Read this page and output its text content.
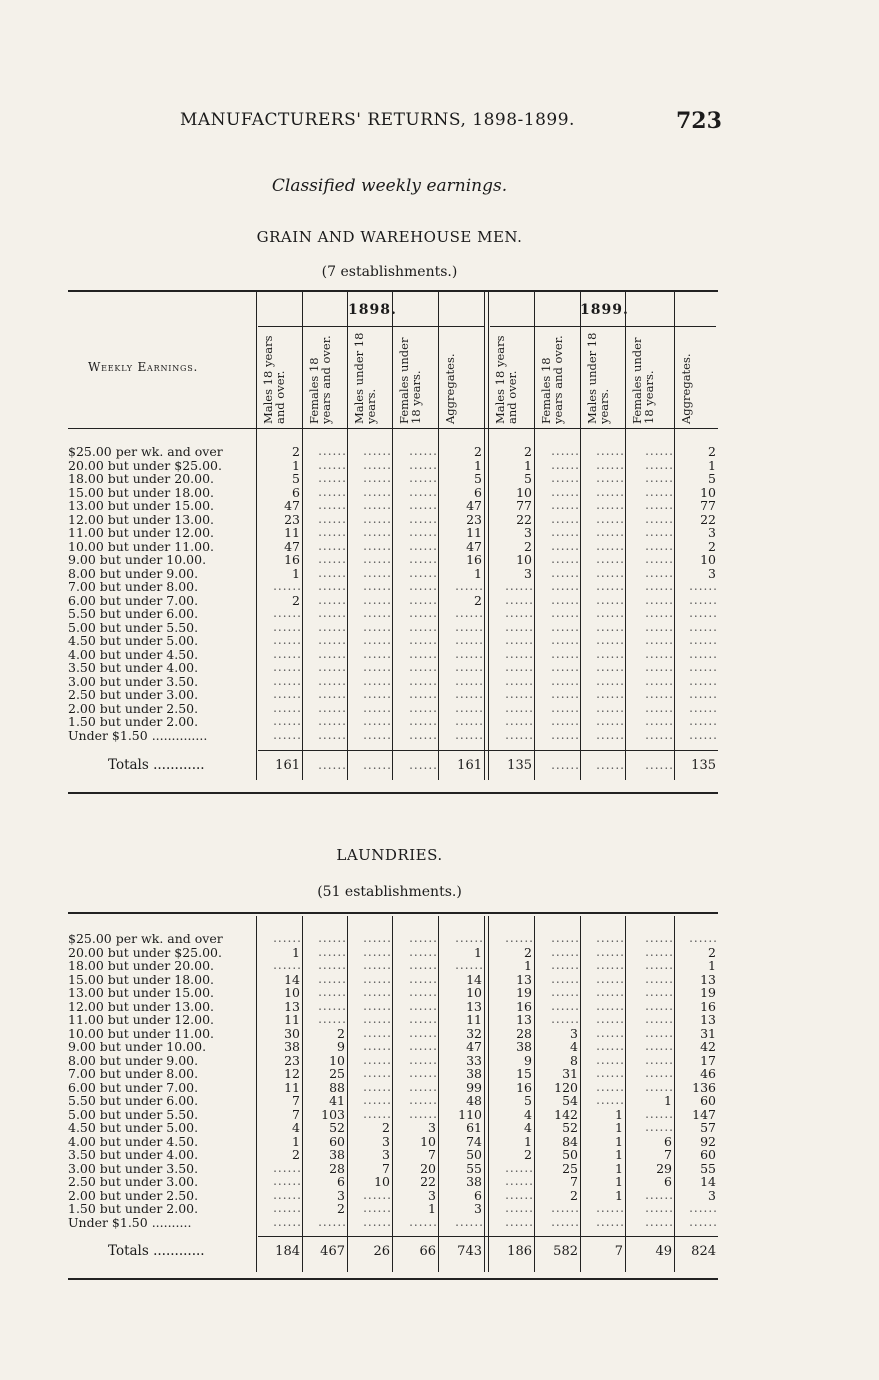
MANUFACTURERS' RETURNS, 1898-1899.	723
Classified weekly earnings.
GRAIN AND WAREHOUSE MEN.
(7 establishments.)
Weekly Earnings.
1898.	1899.
LAUNDRIES.
(51 establishments.)
Males 18 years and over.	Females 18 years and over.	Males under 18 years.	Females under 18 years.	Aggregates.	Males 18 years and over.	Females 18 years and over.	Males under 18 years.	Females under 18 years.	Aggregates.
$25.00 per wk. and over	2	......	......	......	2	2	......	......	......	2
20.00 but under $25.00.	1	......	......	......	1	1	......	......	......	1
18.00 but under 20.00.	5	......	......	......	5	5	......	......	......	5
15.00 but under 18.00.	6	......	......	......	6	10	......	......	......	10
13.00 but under 15.00.	47	......	......	......	47	77	......	......	......	77
12.00 but under 13.00.	23	......	......	......	23	22	......	......	......	22
11.00 but under 12.00.	11	......	......	......	11	3	......	......	......	3
10.00 but under 11.00.	47	......	......	......	47	2	......	......	......	2
9.00 but under 10.00.	16	......	......	......	16	10	......	......	......	10
8.00 but under 9.00.	1	......	......	......	1	3	......	......	......	3
7.00 but under 8.00.	......	......	......	......	......	......	......	......	......	......
6.00 but under 7.00.	2	......	......	......	2	......	......	......	......	......
5.50 but under 6.00.	......	......	......	......	......	......	......	......	......	......
5.00 but under 5.50.	......	......	......	......	......	......	......	......	......	......
4.50 but under 5.00.	......	......	......	......	......	......	......	......	......	......
4.00 but under 4.50.	......	......	......	......	......	......	......	......	......	......
3.50 but under 4.00.	......	......	......	......	......	......	......	......	......	......
3.00 but under 3.50.	......	......	......	......	......	......	......	......	......	......
2.50 but under 3.00.	......	......	......	......	......	......	......	......	......	......
2.00 but under 2.50.	......	......	......	......	......	......	......	......	......	......
1.50 but under 2.00.	......	......	......	......	......	......	......	......	......	......
Under $1.50 ..............	......	......	......	......	......	......	......	......	......	......
Totals ............	161	......	......	......	161	135	......	......	......	135
$25.00 per wk. and over	......	......	......	......	......	......	......	......	......	......
20.00 but under $25.00.	1	......	......	......	1	2	......	......	......	2
18.00 but under 20.00.	......	......	......	......	......	1	......	......	......	1
15.00 but under 18.00.	14	......	......	......	14	13	......	......	......	13
13.00 but under 15.00.	10	......	......	......	10	19	......	......	......	19
12.00 but under 13.00.	13	......	......	......	13	16	......	......	......	16
11.00 but under 12.00.	11	......	......	......	11	13	......	......	......	13
10.00 but under 11.00.	30	2	......	......	32	28	3	......	......	31
9.00 but under 10.00.	38	9	......	......	47	38	4	......	......	42
8.00 but under 9.00.	23	10	......	......	33	9	8	......	......	17
7.00 but under 8.00.	12	25	......	......	38	15	31	......	......	46
6.00 but under 7.00.	11	88	......	......	99	16	120	......	......	136
5.50 but under 6.00.	7	41	......	......	48	5	54	......	1	60
5.00 but under 5.50.	7	103	......	......	110	4	142	1	......	147
4.50 but under 5.00.	4	52	2	3	61	4	52	1	......	57
4.00 but under 4.50.	1	60	3	10	74	1	84	1	6	92
3.50 but under 4.00.	2	38	3	7	50	2	50	1	7	60
3.00 but under 3.50.	......	28	7	20	55	......	25	1	29	55
2.50 but under 3.00.	......	6	10	22	38	......	7	1	6	14
2.00 but under 2.50.	......	3	......	3	6	......	2	1	......	3
1.50 but under 2.00.	......	2	......	1	3	......	......	......	......	......
Under $1.50 ..........	......	......	......	......	......	......	......	......	......	......
Totals ............	184	467	26	66	743	186	582	7	49	824
